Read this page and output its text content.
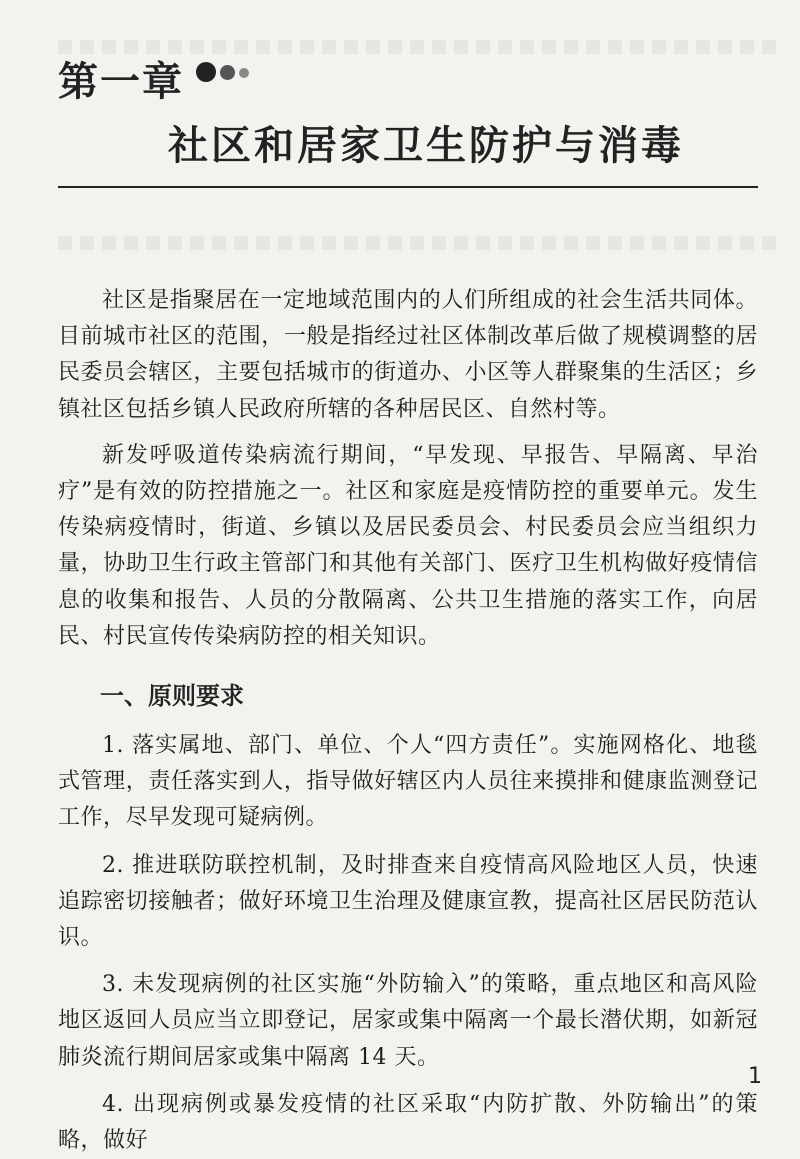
第一章
社区和居家卫生防护与消毒

社区是指聚居在一定地域范围内的人们所组成的社会生活共同体。目前城市社区的范围，一般是指经过社区体制改革后做了规模调整的居民委员会辖区，主要包括城市的街道办、小区等人群聚集的生活区；乡镇社区包括乡镇人民政府所辖的各种居民区、自然村等。

新发呼吸道传染病流行期间，“早发现、早报告、早隔离、早治疗”是有效的防控措施之一。社区和家庭是疫情防控的重要单元。发生传染病疫情时，街道、乡镇以及居民委员会、村民委员会应当组织力量，协助卫生行政主管部门和其他有关部门、医疗卫生机构做好疫情信息的收集和报告、人员的分散隔离、公共卫生措施的落实工作，向居民、村民宣传传染病防控的相关知识。

一、原则要求

1. 落实属地、部门、单位、个人“四方责任”。实施网格化、地毯式管理，责任落实到人，指导做好辖区内人员往来摸排和健康监测登记工作，尽早发现可疑病例。

2. 推进联防联控机制，及时排查来自疫情高风险地区人员，快速追踪密切接触者；做好环境卫生治理及健康宣教，提高社区居民防范认识。

3. 未发现病例的社区实施“外防输入”的策略，重点地区和高风险地区返回人员应当立即登记，居家或集中隔离一个最长潜伏期，如新冠肺炎流行期间居家或集中隔离 14 天。

4. 出现病例或暴发疫情的社区采取“内防扩散、外防输出”的策略，做好

1
